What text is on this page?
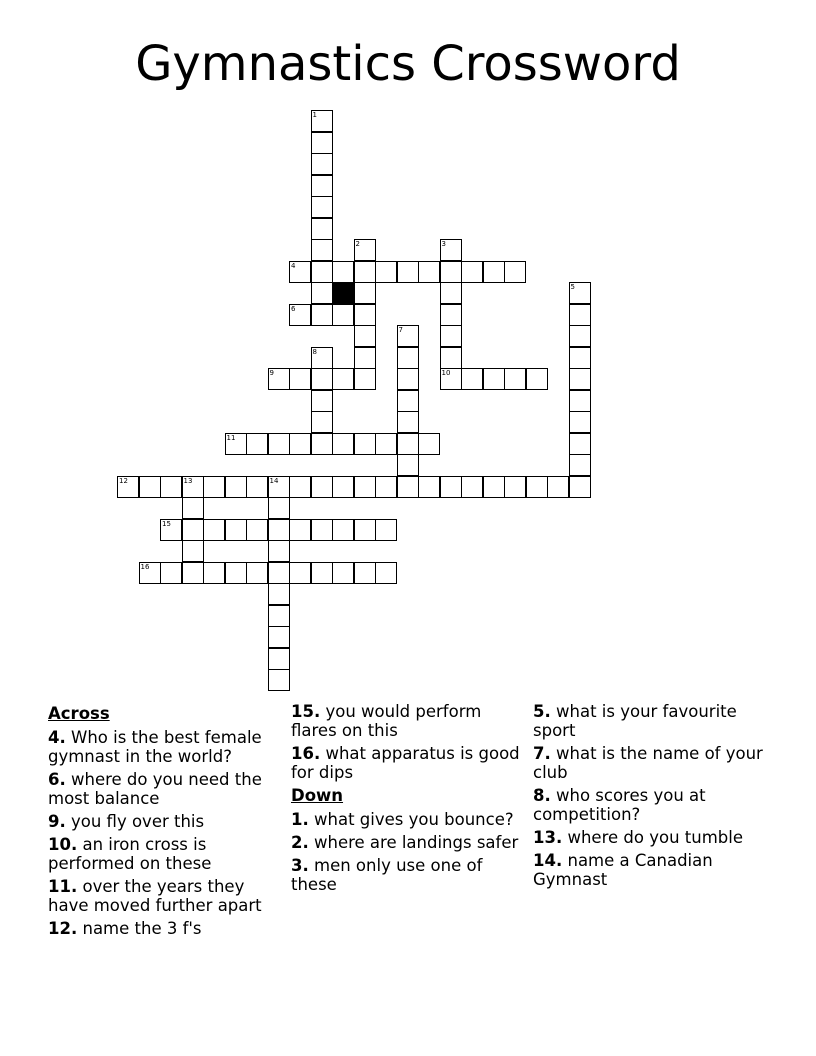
Gymnastics Crossword
1
2	3
4
5
6
7
8
9	10
11
12	13	14
15
16
Across
4. Who is the best female gymnast in the world?
6. where do you need the most balance
9. you fly over this
10. an iron cross is performed on these
11. over the years they have moved further apart
12. name the 3 f's
15. you would perform flares on this
16. what apparatus is good for dips
Down
1. what gives you bounce?
2. where are landings safer
3. men only use one of these
5. what is your favourite sport
7. what is the name of your club
8. who scores you at competition?
13. where do you tumble
14. name a Canadian Gymnast
